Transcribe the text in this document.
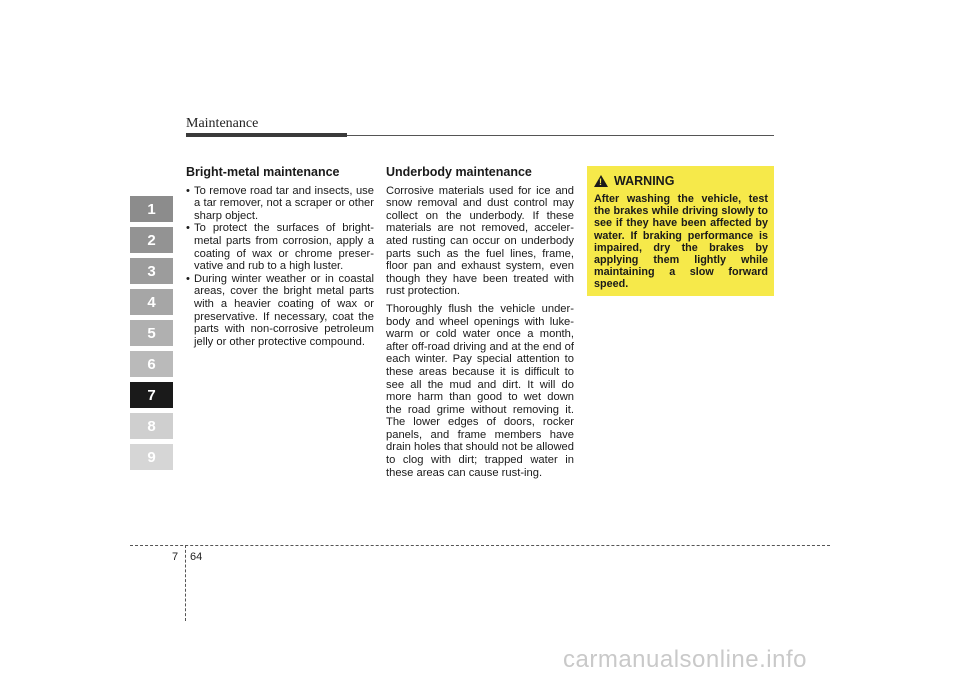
Maintenance
1
2
3
4
5
6
7
8
9
Bright-metal maintenance
• To remove road tar and insects, use a tar remover, not a scraper or other sharp object.
• To protect the surfaces of bright-metal parts from corrosion, apply a coating of wax or chrome preser-vative and rub to a high luster.
• During winter weather or in coastal areas, cover the bright metal parts with a heavier coating of wax or preservative. If necessary, coat the parts with non-corrosive petroleum jelly or other protective compound.
Underbody maintenance

Corrosive materials used for ice and snow removal and dust control may collect on the underbody. If these materials are not removed, acceler-ated rusting can occur on underbody parts such as the fuel lines, frame, floor pan and exhaust system, even though they have been treated with rust protection.

Thoroughly flush the vehicle under-body and wheel openings with luke-warm or cold water once a month, after off-road driving and at the end of each winter. Pay special attention to these areas because it is difficult to see all the mud and dirt. It will do more harm than good to wet down the road grime without removing it. The lower edges of doors, rocker panels, and frame members have drain holes that should not be allowed to clog with dirt; trapped water in these areas can cause rust-ing.

! WARNING
After washing the vehicle, test the brakes while driving slowly to see if they have been affected by water. If braking performance is impaired, dry the brakes by applying them lightly while maintaining a slow forward speed.
7 64
carmanualsonline.info
